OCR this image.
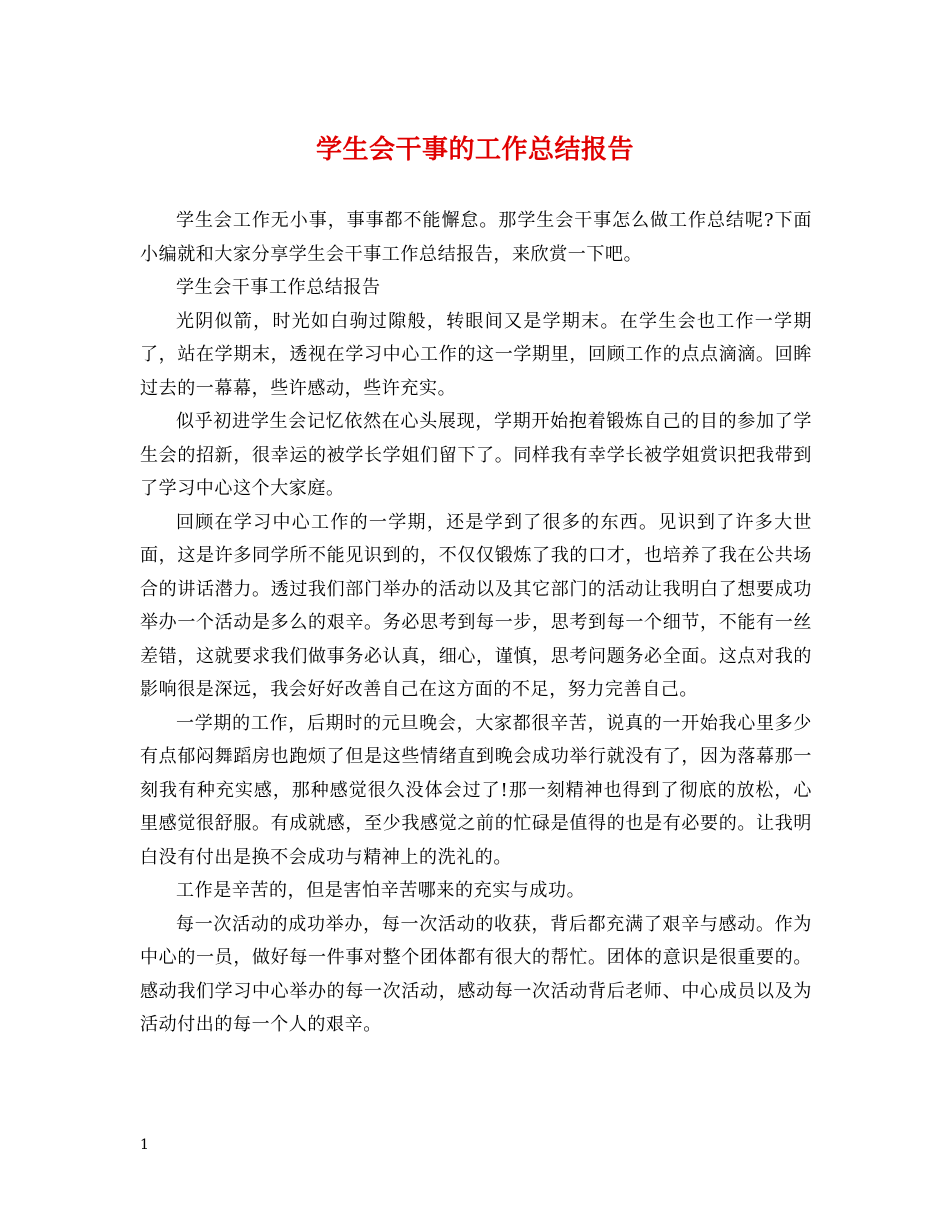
学生会干事的工作总结报告

学生会工作无小事，事事都不能懈怠。那学生会干事怎么做工作总结呢?下面小编就和大家分享学生会干事工作总结报告，来欣赏一下吧。

学生会干事工作总结报告

光阴似箭，时光如白驹过隙般，转眼间又是学期末。在学生会也工作一学期了，站在学期末，透视在学习中心工作的这一学期里，回顾工作的点点滴滴。回眸过去的一幕幕，些许感动，些许充实。

似乎初进学生会记忆依然在心头展现，学期开始抱着锻炼自己的目的参加了学生会的招新，很幸运的被学长学姐们留下了。同样我有幸学长被学姐赏识把我带到了学习中心这个大家庭。

回顾在学习中心工作的一学期，还是学到了很多的东西。见识到了许多大世面，这是许多同学所不能见识到的，不仅仅锻炼了我的口才，也培养了我在公共场合的讲话潜力。透过我们部门举办的活动以及其它部门的活动让我明白了想要成功举办一个活动是多么的艰辛。务必思考到每一步，思考到每一个细节，不能有一丝差错，这就要求我们做事务必认真，细心，谨慎，思考问题务必全面。这点对我的影响很是深远，我会好好改善自己在这方面的不足，努力完善自己。

一学期的工作，后期时的元旦晚会，大家都很辛苦，说真的一开始我心里多少有点郁闷舞蹈房也跑烦了但是这些情绪直到晚会成功举行就没有了，因为落幕那一刻我有种充实感，那种感觉很久没体会过了!那一刻精神也得到了彻底的放松，心里感觉很舒服。有成就感，至少我感觉之前的忙碌是值得的也是有必要的。让我明白没有付出是换不会成功与精神上的洗礼的。

工作是辛苦的，但是害怕辛苦哪来的充实与成功。

每一次活动的成功举办，每一次活动的收获，背后都充满了艰辛与感动。作为中心的一员，做好每一件事对整个团体都有很大的帮忙。团体的意识是很重要的。感动我们学习中心举办的每一次活动，感动每一次活动背后老师、中心成员以及为活动付出的每一个人的艰辛。

1
